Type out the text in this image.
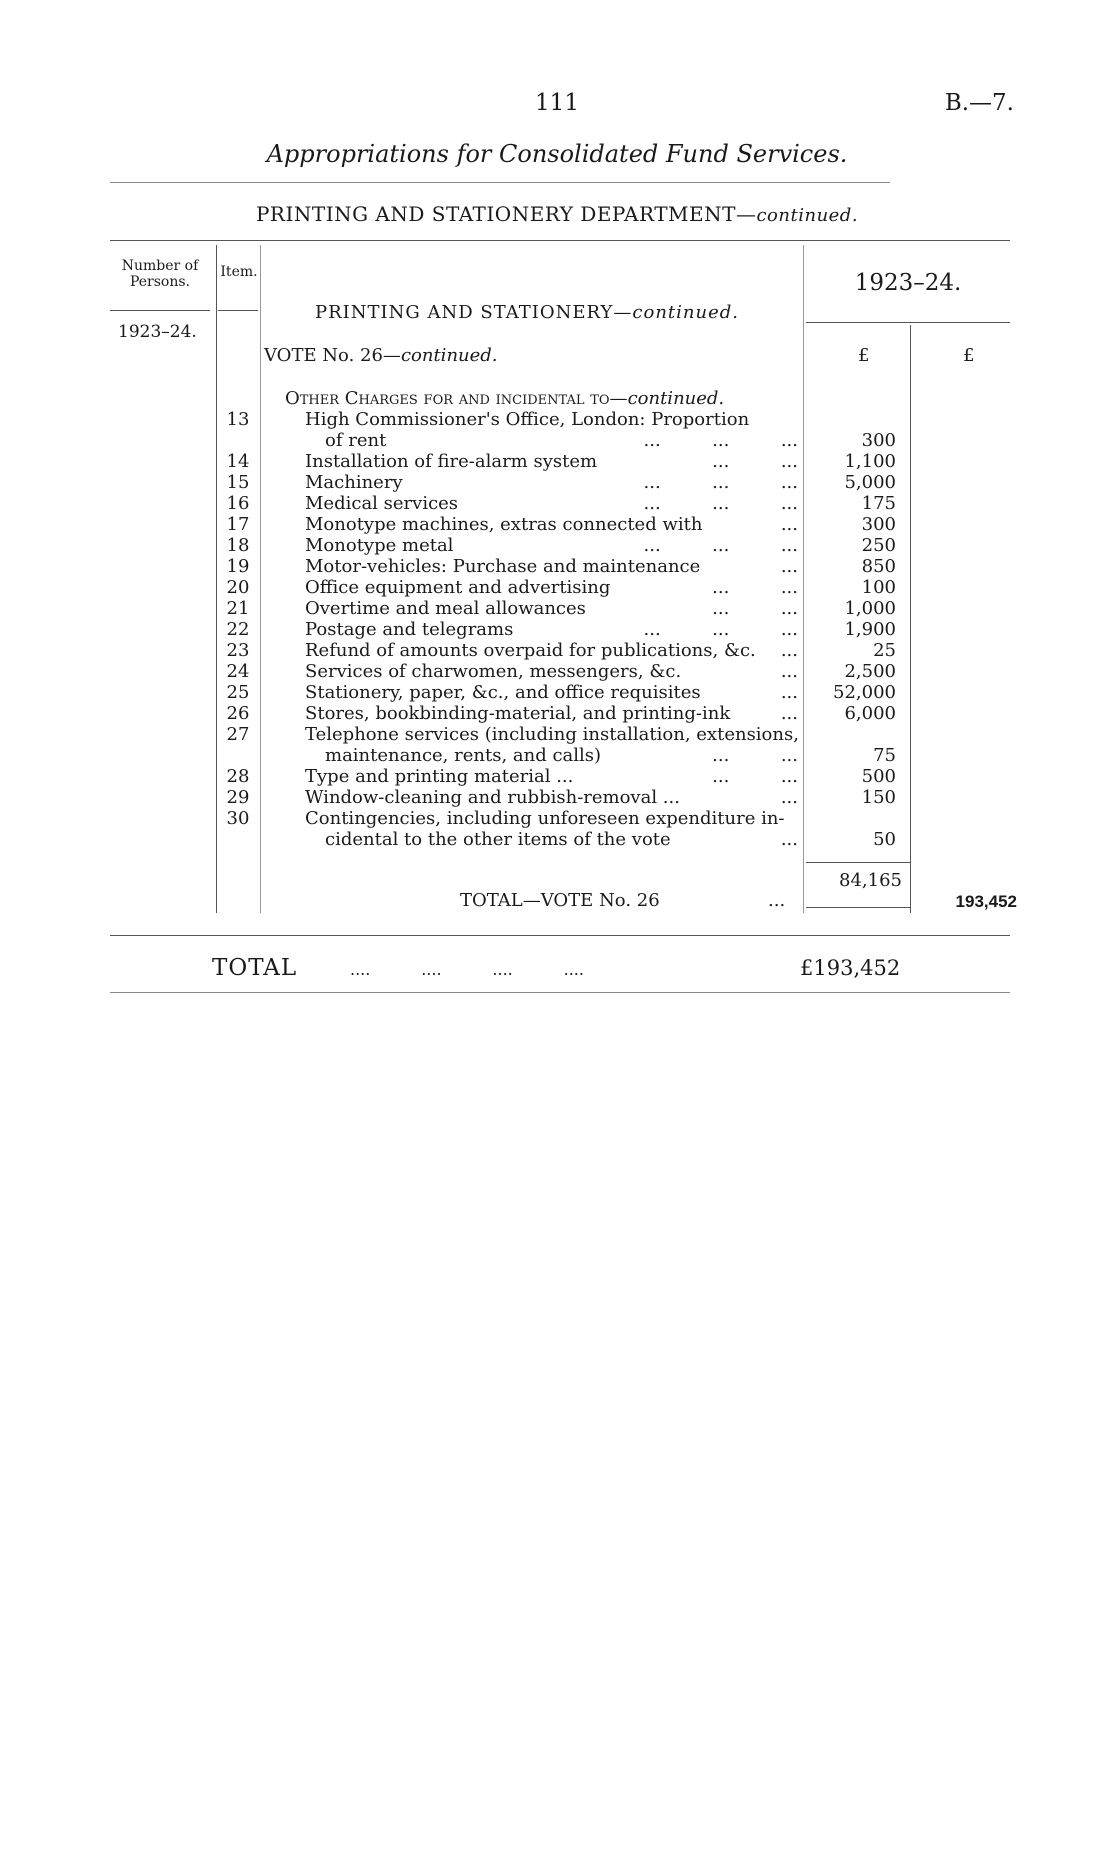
111	B.—7.
Appropriations for Consolidated Fund Services.
PRINTING AND STATIONERY DEPARTMENT—continued.
Number of Persons.
Item.	1923–24.
1923–24.
PRINTING AND STATIONERY—continued.
VOTE No. 26—continued.	£	£
Other Charges for and incidental to—continued.
13	High Commissioner's Office, London: Proportion
of rent	...         ...         ...	300
14	Installation of fire-alarm system	...         ...	1,100
15	Machinery	...         ...         ...	5,000
16	Medical services	...         ...         ...	175
17	Monotype machines, extras connected with	...	300
18	Monotype metal	...         ...         ...	250
19	Motor-vehicles: Purchase and maintenance	...	850
20	Office equipment and advertising	...         ...	100
21	Overtime and meal allowances	...         ...	1,000
22	Postage and telegrams	...         ...         ...	1,900
23	Refund of amounts overpaid for publications, &c. ...	25
24	Services of charwomen, messengers, &c.	...	2,500
25	Stationery, paper, &c., and office requisites	...	52,000
26	Stores, bookbinding-material, and printing-ink	...	6,000
27	Telephone services (including installation, extensions,
maintenance, rents, and calls)	...         ...	75
28	Type and printing material ...	...         ...	500
29	Window-cleaning and rubbish-removal ...	...	150
30	Contingencies, including unforeseen expenditure in-
cidental to the other items of the vote	...	50
84,165
TOTAL—VOTE No. 26	...	193,452
TOTAL	....          ....          ....          ....	£193,452
